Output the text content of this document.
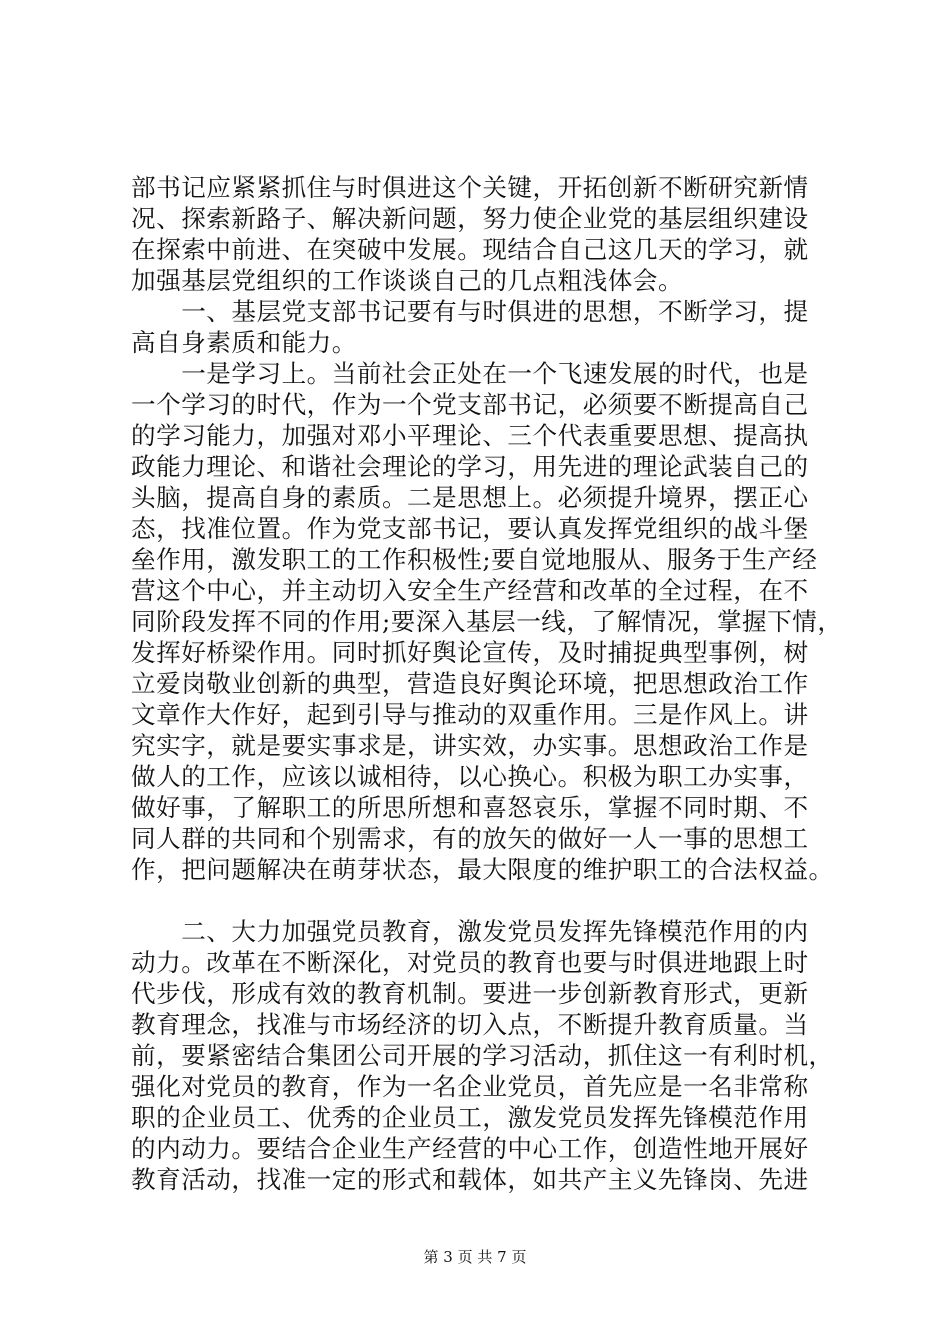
部书记应紧紧抓住与时俱进这个关键，开拓创新不断研究新情
况、探索新路子、解决新问题，努力使企业党的基层组织建设
在探索中前进、在突破中发展。现结合自己这几天的学习，就
加强基层党组织的工作谈谈自己的几点粗浅体会。
　　一、基层党支部书记要有与时俱进的思想，不断学习，提
高自身素质和能力。
　　一是学习上。当前社会正处在一个飞速发展的时代，也是
一个学习的时代，作为一个党支部书记，必须要不断提高自己
的学习能力，加强对邓小平理论、三个代表重要思想、提高执
政能力理论、和谐社会理论的学习，用先进的理论武装自己的
头脑，提高自身的素质。二是思想上。必须提升境界，摆正心
态，找准位置。作为党支部书记，要认真发挥党组织的战斗堡
垒作用，激发职工的工作积极性;要自觉地服从、服务于生产经
营这个中心，并主动切入安全生产经营和改革的全过程，在不
同阶段发挥不同的作用;要深入基层一线，了解情况，掌握下情，
发挥好桥梁作用。同时抓好舆论宣传，及时捕捉典型事例，树
立爱岗敬业创新的典型，营造良好舆论环境，把思想政治工作
文章作大作好，起到引导与推动的双重作用。三是作风上。讲
究实字，就是要实事求是，讲实效，办实事。思想政治工作是
做人的工作，应该以诚相待，以心换心。积极为职工办实事，
做好事，了解职工的所思所想和喜怒哀乐，掌握不同时期、不
同人群的共同和个别需求，有的放矢的做好一人一事的思想工
作，把问题解决在萌芽状态，最大限度的维护职工的合法权益。
　　二、大力加强党员教育，激发党员发挥先锋模范作用的内
动力。改革在不断深化，对党员的教育也要与时俱进地跟上时
代步伐，形成有效的教育机制。要进一步创新教育形式，更新
教育理念，找准与市场经济的切入点，不断提升教育质量。当
前，要紧密结合集团公司开展的学习活动，抓住这一有利时机，
强化对党员的教育，作为一名企业党员，首先应是一名非常称
职的企业员工、优秀的企业员工，激发党员发挥先锋模范作用
的内动力。要结合企业生产经营的中心工作，创造性地开展好
教育活动，找准一定的形式和载体，如共产主义先锋岗、先进
第 3 页 共 7 页
